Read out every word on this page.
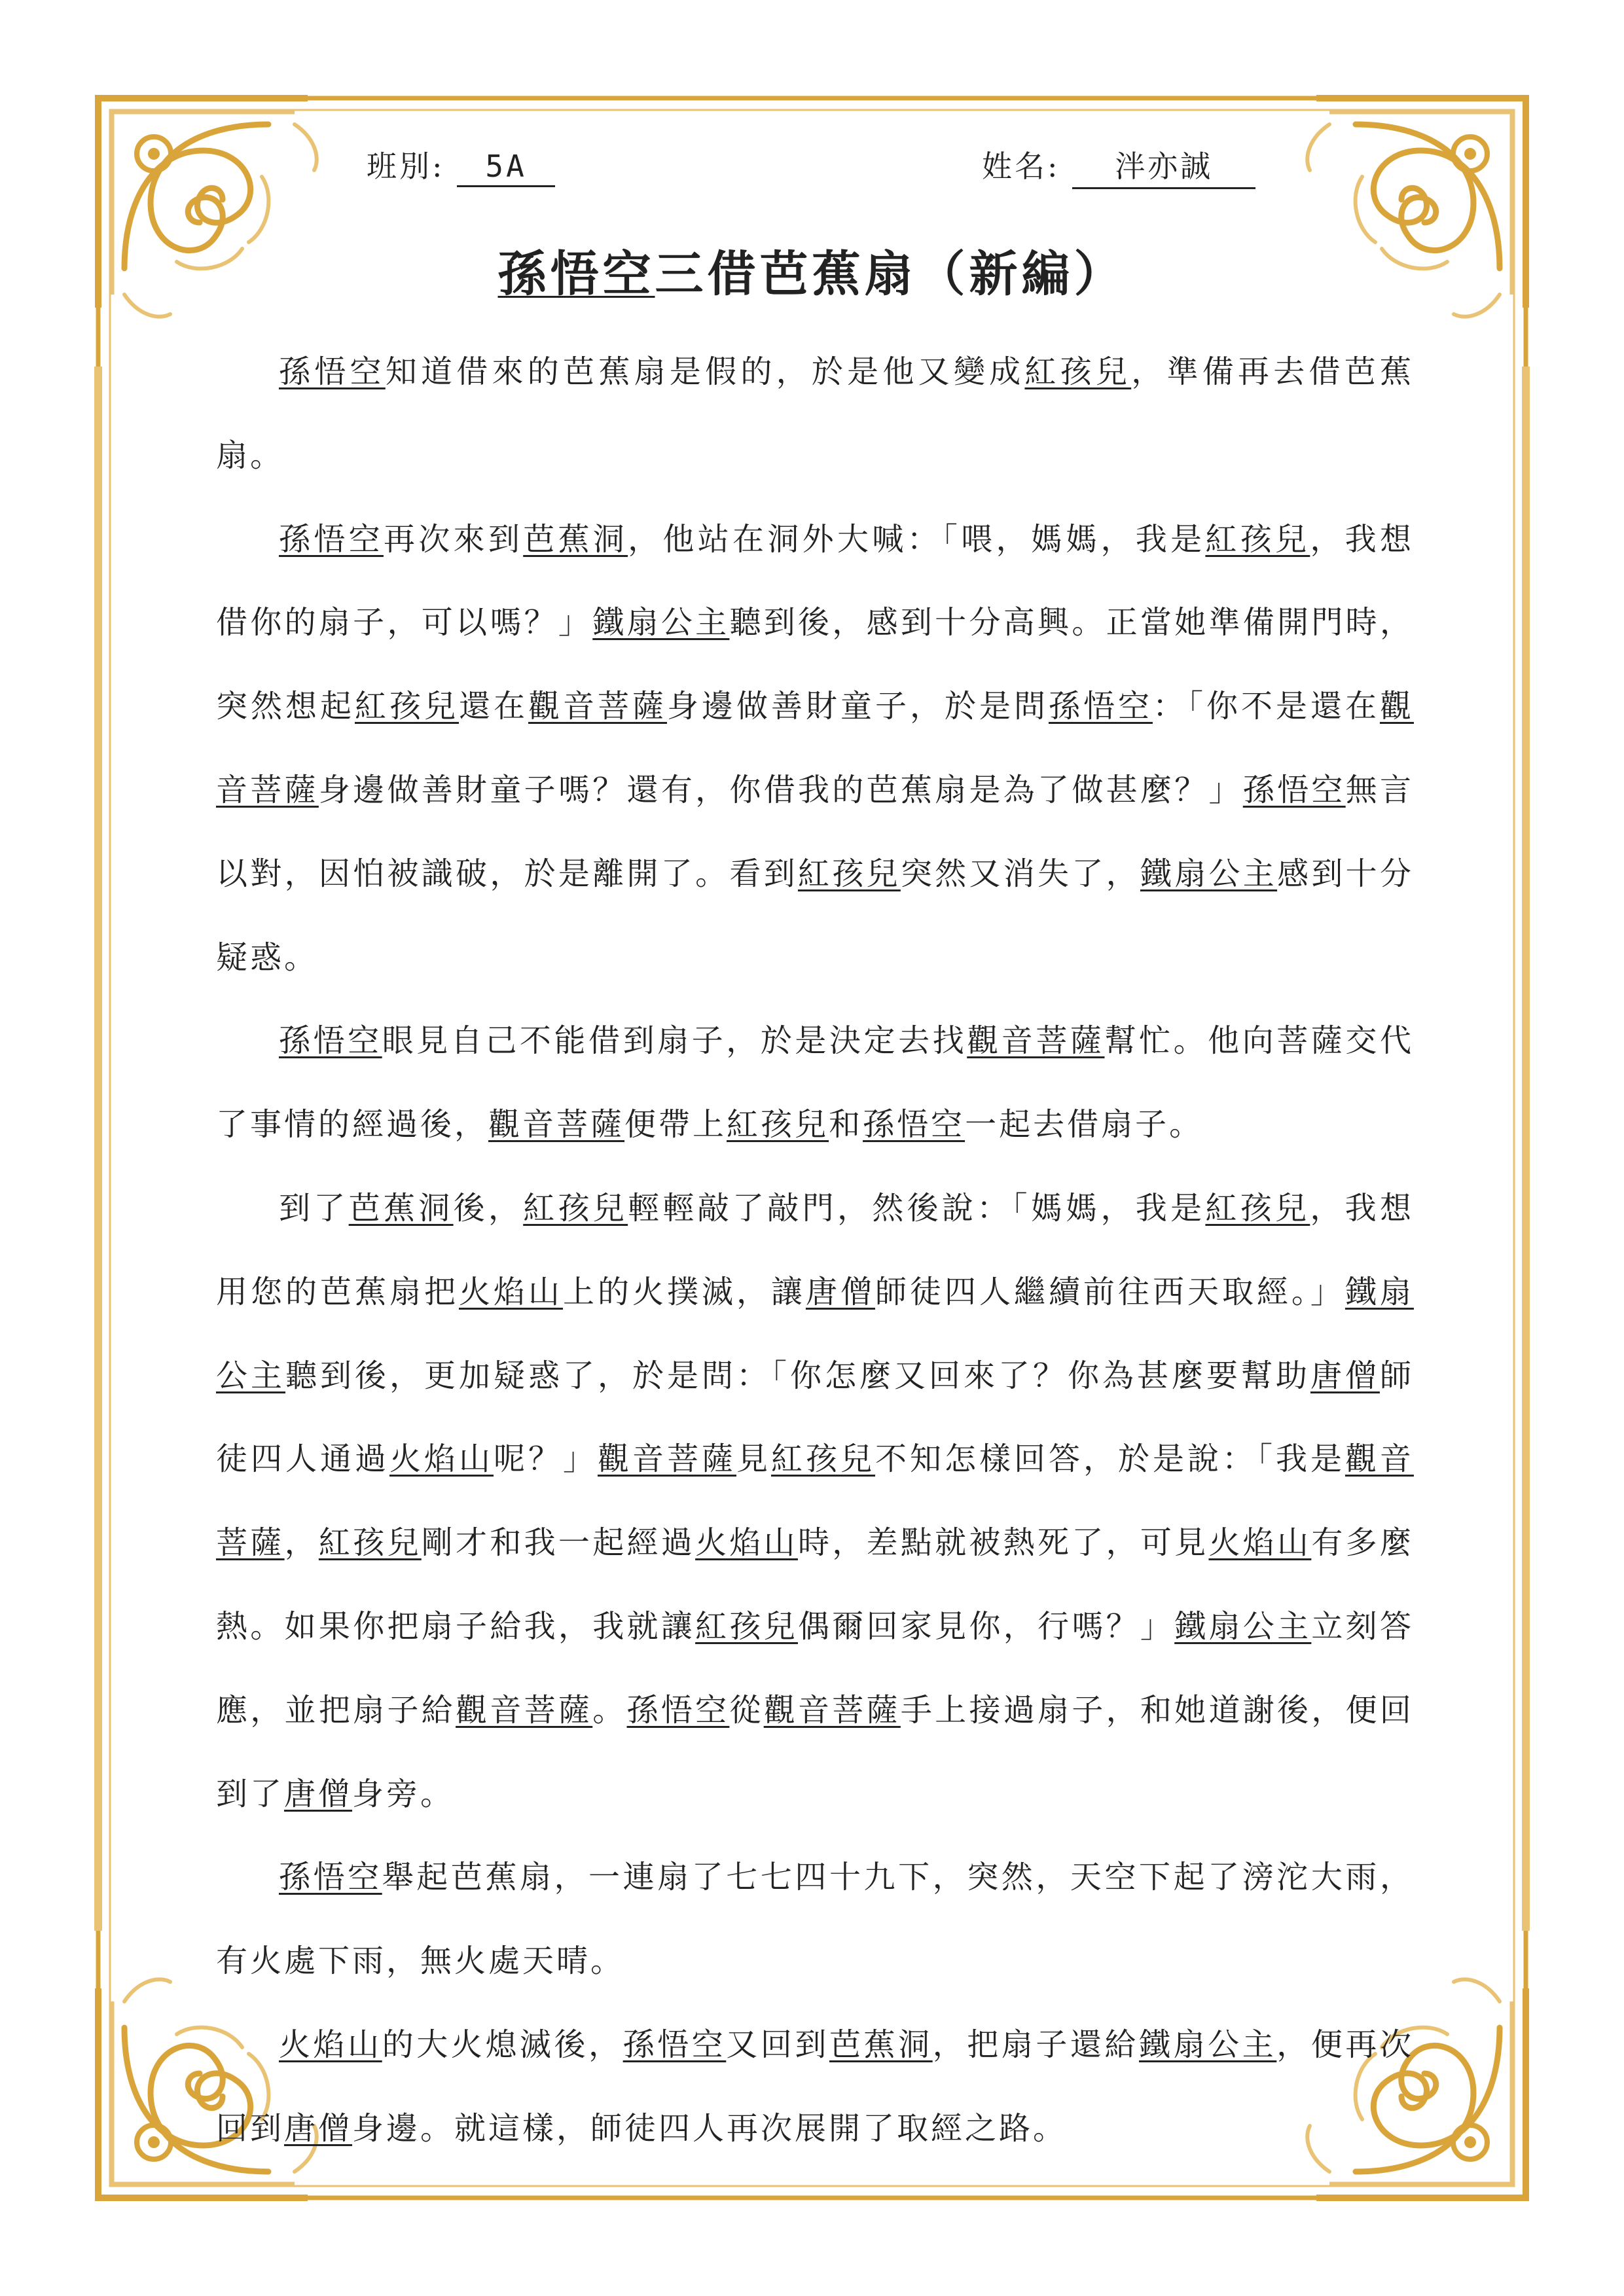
班別: 5A	姓名: 泮亦誠
孫悟空三借芭蕉扇（新編）

孫悟空知道借來的芭蕉扇是假的，於是他又變成紅孩兒，準備再去借芭蕉扇。

孫悟空再次來到芭蕉洞，他站在洞外大喊：「喂，媽媽，我是紅孩兒，我想借你的扇子，可以嗎？」鐵扇公主聽到後，感到十分高興。正當她準備開門時，突然想起紅孩兒還在觀音菩薩身邊做善財童子，於是問孫悟空：「你不是還在觀音菩薩身邊做善財童子嗎？還有，你借我的芭蕉扇是為了做甚麼？」孫悟空無言以對，因怕被識破，於是離開了。看到紅孩兒突然又消失了，鐵扇公主感到十分疑惑。

孫悟空眼見自己不能借到扇子，於是決定去找觀音菩薩幫忙。他向菩薩交代了事情的經過後，觀音菩薩便帶上紅孩兒和孫悟空一起去借扇子。

到了芭蕉洞後，紅孩兒輕輕敲了敲門，然後說：「媽媽，我是紅孩兒，我想用您的芭蕉扇把火焰山上的火撲滅，讓唐僧師徒四人繼續前往西天取經。」鐵扇公主聽到後，更加疑惑了，於是問：「你怎麼又回來了？你為甚麼要幫助唐僧師徒四人通過火焰山呢？」觀音菩薩見紅孩兒不知怎樣回答，於是說：「我是觀音菩薩，紅孩兒剛才和我一起經過火焰山時，差點就被熱死了，可見火焰山有多麼熱。如果你把扇子給我，我就讓紅孩兒偶爾回家見你，行嗎？」鐵扇公主立刻答應，並把扇子給觀音菩薩。孫悟空從觀音菩薩手上接過扇子，和她道謝後，便回到了唐僧身旁。

孫悟空舉起芭蕉扇，一連扇了七七四十九下，突然，天空下起了滂沱大雨，有火處下雨，無火處天晴。

火焰山的大火熄滅後，孫悟空又回到芭蕉洞，把扇子還給鐵扇公主，便再次回到唐僧身邊。就這樣，師徒四人再次展開了取經之路。
